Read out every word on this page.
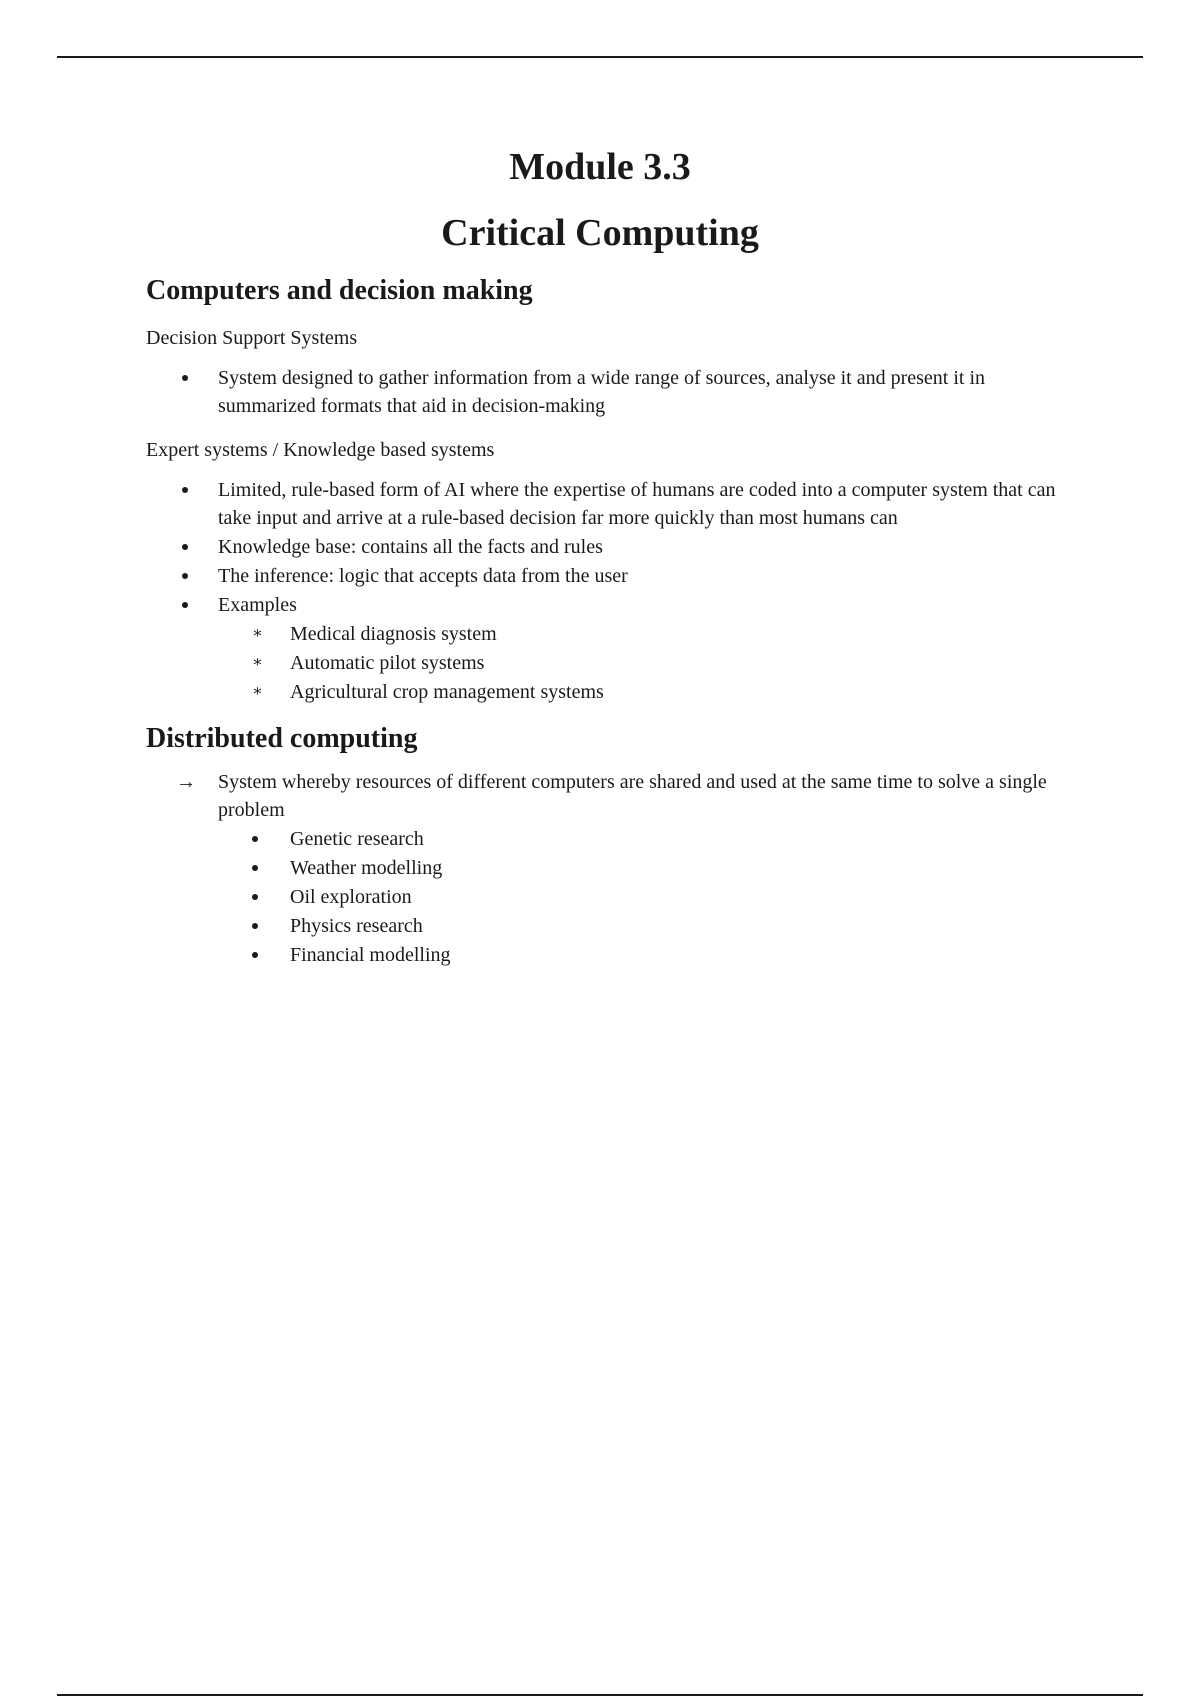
Module 3.3
Critical Computing
Computers and decision making

Decision Support Systems

System designed to gather information from a wide range of sources, analyse it and present it in summarized formats that aid in decision-making

Expert systems / Knowledge based systems

Limited, rule-based form of AI where the expertise of humans are coded into a computer system that can take input and arrive at a rule-based decision far more quickly than most humans can
Knowledge base: contains all the facts and rules
The inference: logic that accepts data from the user
Examples
∗	Medical diagnosis system
∗	Automatic pilot systems
∗	Agricultural crop management systems
Distributed computing
→ System whereby resources of different computers are shared and used at the same time to solve a single problem
Genetic research
Weather modelling
Oil exploration
Physics research
Financial modelling
